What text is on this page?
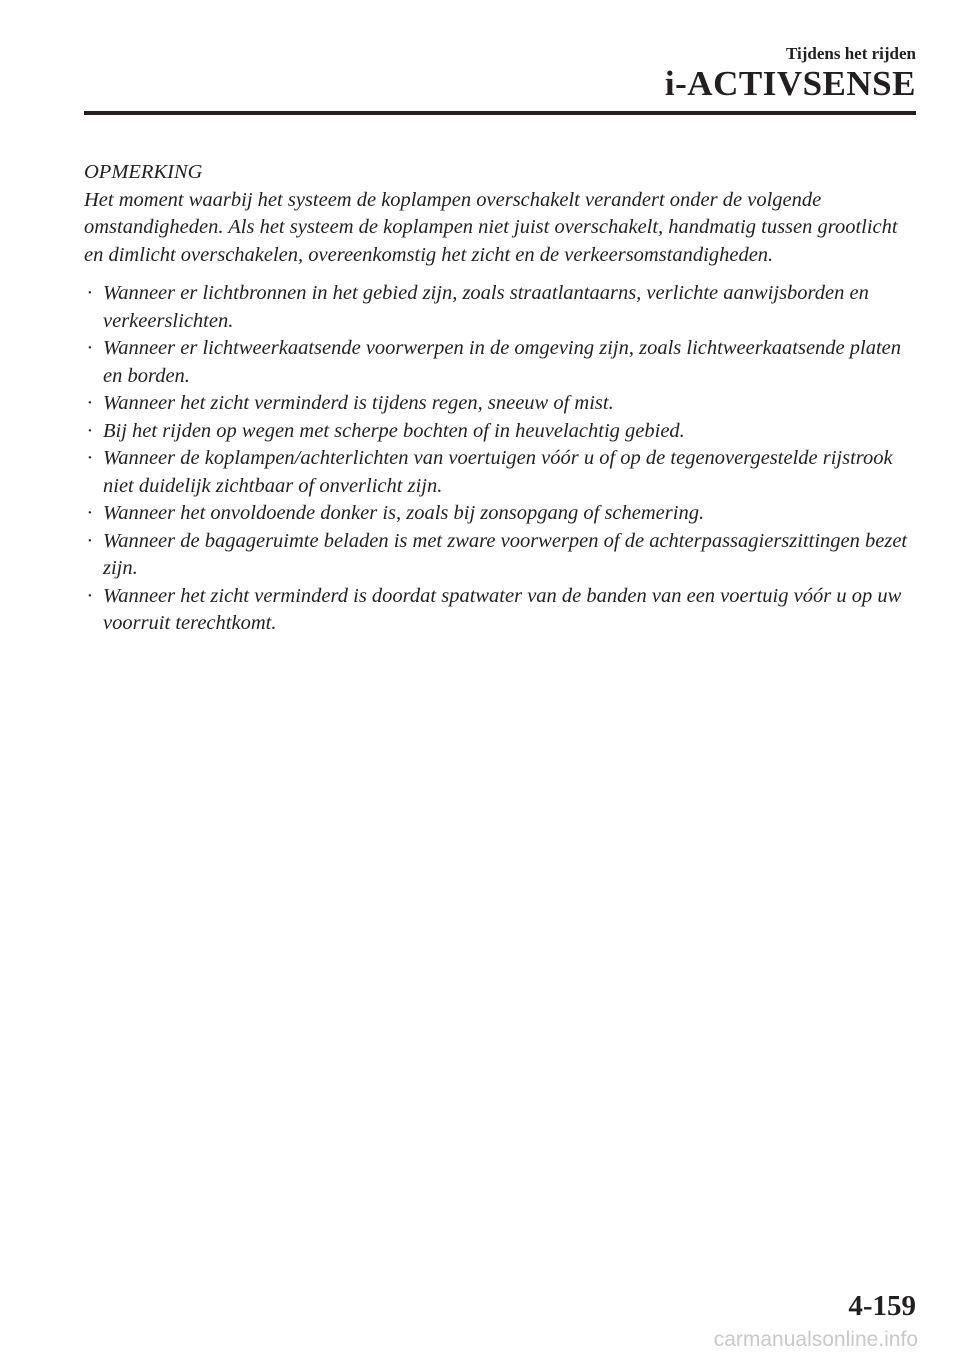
Tijdens het rijden
i-ACTIVSENSE

OPMERKING

Het moment waarbij het systeem de koplampen overschakelt verandert onder de volgende omstandigheden. Als het systeem de koplampen niet juist overschakelt, handmatig tussen grootlicht en dimlicht overschakelen, overeenkomstig het zicht en de verkeersomstandigheden.

· Wanneer er lichtbronnen in het gebied zijn, zoals straatlantaarns, verlichte aanwijsborden en verkeerslichten.
· Wanneer er lichtweerkaatsende voorwerpen in de omgeving zijn, zoals lichtweerkaatsende platen en borden.
· Wanneer het zicht verminderd is tijdens regen, sneeuw of mist.
· Bij het rijden op wegen met scherpe bochten of in heuvelachtig gebied.
· Wanneer de koplampen/achterlichten van voertuigen vóór u of op de tegenovergestelde rijstrook niet duidelijk zichtbaar of onverlicht zijn.
· Wanneer het onvoldoende donker is, zoals bij zonsopgang of schemering.
· Wanneer de bagageruimte beladen is met zware voorwerpen of de achterpassagierszittingen bezet zijn.
· Wanneer het zicht verminderd is doordat spatwater van de banden van een voertuig vóór u op uw voorruit terechtkomt.
4-159
carmanualsonline.info
